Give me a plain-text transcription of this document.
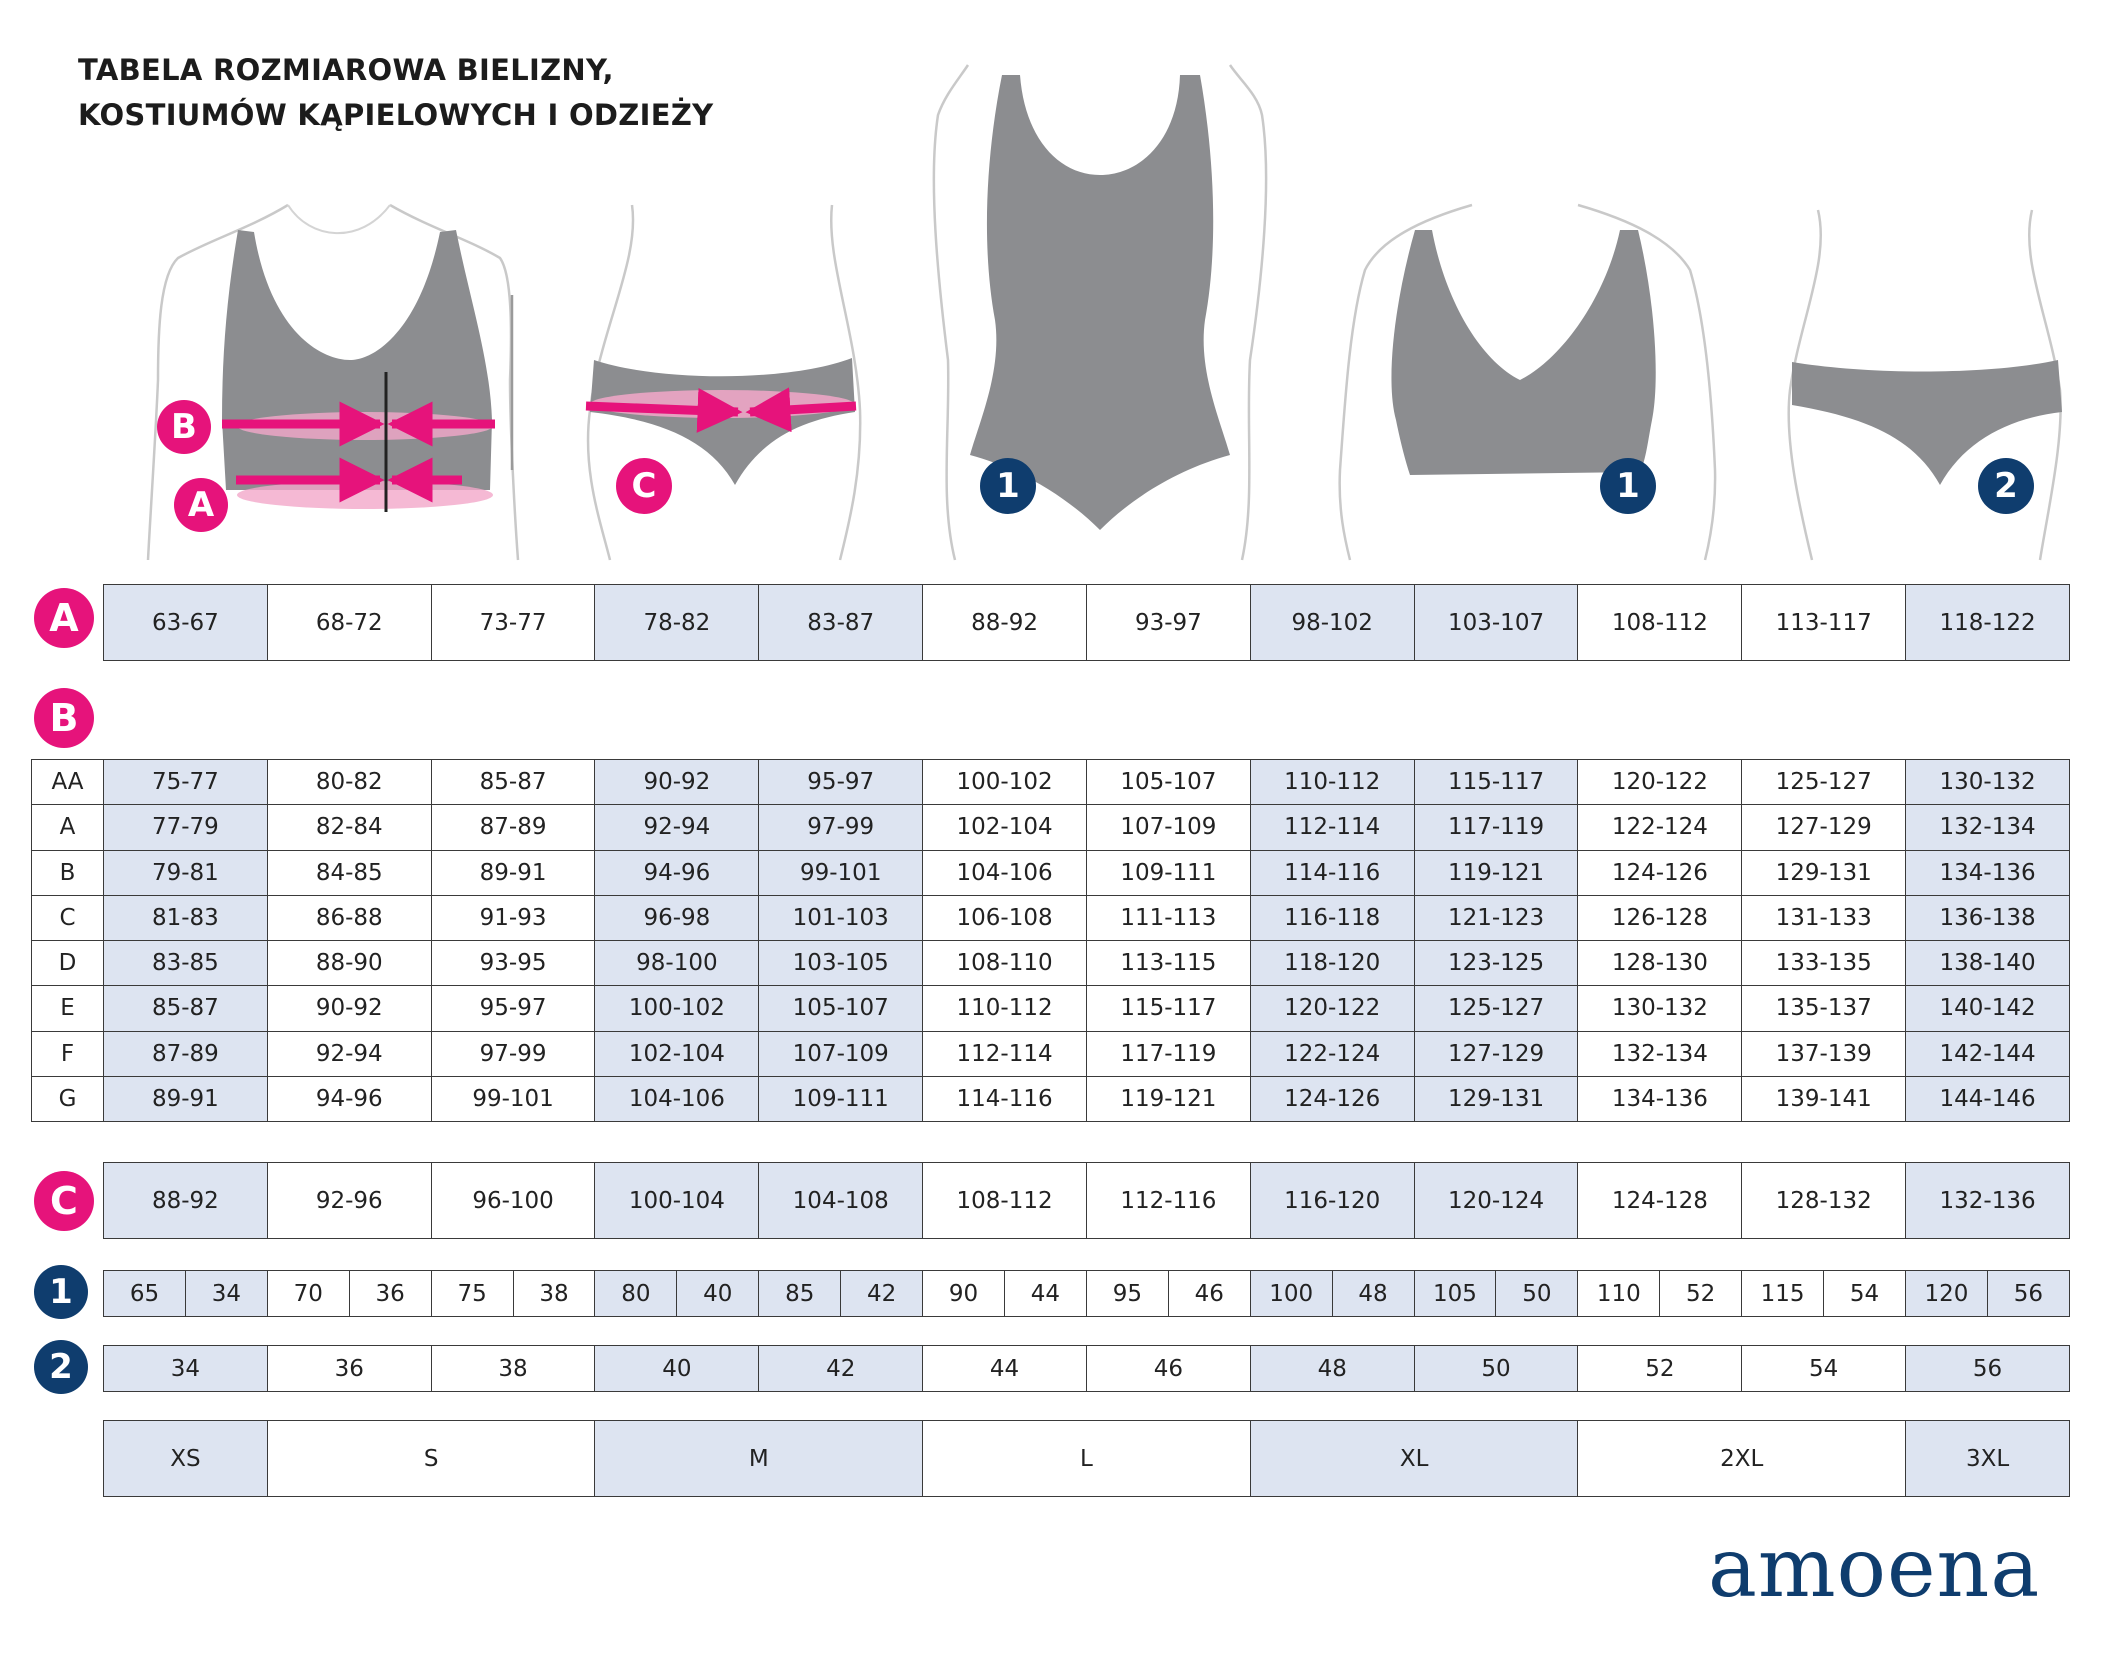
TABELA ROZMIAROWA BIELIZNY,
KOSTIUMÓW KĄPIELOWYCH I ODZIEŻY
B
A	C	1	1	2
A
B
C
1
2
63-67	68-72	73-77	78-82	83-87	88-92	93-97	98-102	103-107	108-112	113-117	118-122
AA	75-77	80-82	85-87	90-92	95-97	100-102	105-107	110-112	115-117	120-122	125-127	130-132
A	77-79	82-84	87-89	92-94	97-99	102-104	107-109	112-114	117-119	122-124	127-129	132-134
B	79-81	84-85	89-91	94-96	99-101	104-106	109-111	114-116	119-121	124-126	129-131	134-136
C	81-83	86-88	91-93	96-98	101-103	106-108	111-113	116-118	121-123	126-128	131-133	136-138
D	83-85	88-90	93-95	98-100	103-105	108-110	113-115	118-120	123-125	128-130	133-135	138-140
E	85-87	90-92	95-97	100-102	105-107	110-112	115-117	120-122	125-127	130-132	135-137	140-142
F	87-89	92-94	97-99	102-104	107-109	112-114	117-119	122-124	127-129	132-134	137-139	142-144
G	89-91	94-96	99-101	104-106	109-111	114-116	119-121	124-126	129-131	134-136	139-141	144-146
88-92	92-96	96-100	100-104	104-108	108-112	112-116	116-120	120-124	124-128	128-132	132-136
65	34	70	36	75	38	80	40	85	42	90	44	95	46	100	48	105	50	110	52	115	54	120	56
34	36	38	40	42	44	46	48	50	52	54	56
XS	S	M	L	XL	2XL	3XL
amoena
